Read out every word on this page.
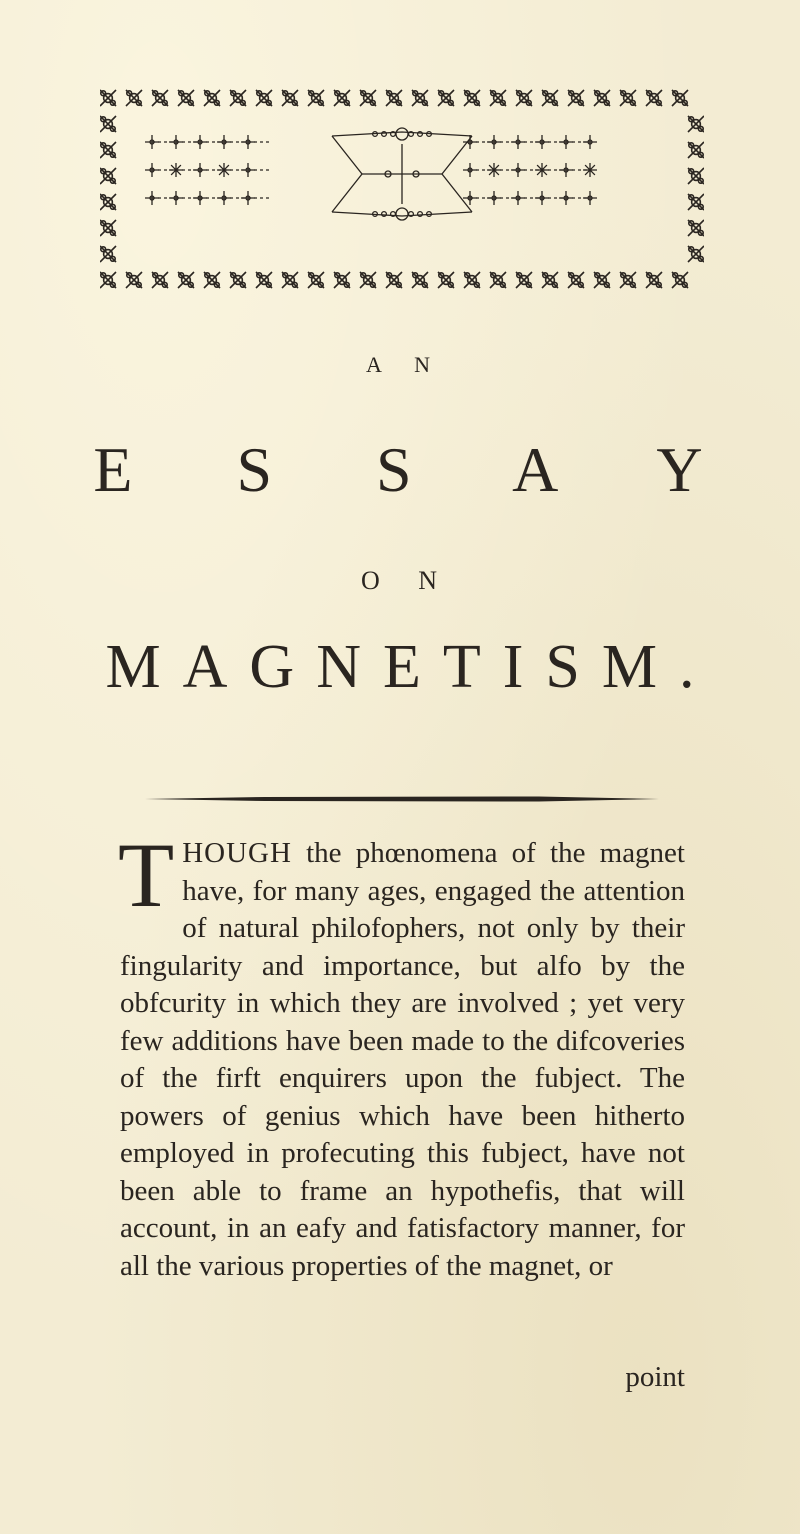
A N
E S S A Y
O N
MAGNETISM.

THOUGH the phœnomena of the magnet have, for many ages, engaged the attention of natural philofophers, not only by their fingularity and importance, but alfo by the obfcurity in which they are involved ; yet very few additions have been made to the difcoveries of the firft enquirers upon the fubject. The powers of genius which have been hitherto employed in profecuting this fubject, have not been able to frame an hypothefis, that will account, in an eafy and fatisfactory manner, for all the various properties of the magnet, or

point
